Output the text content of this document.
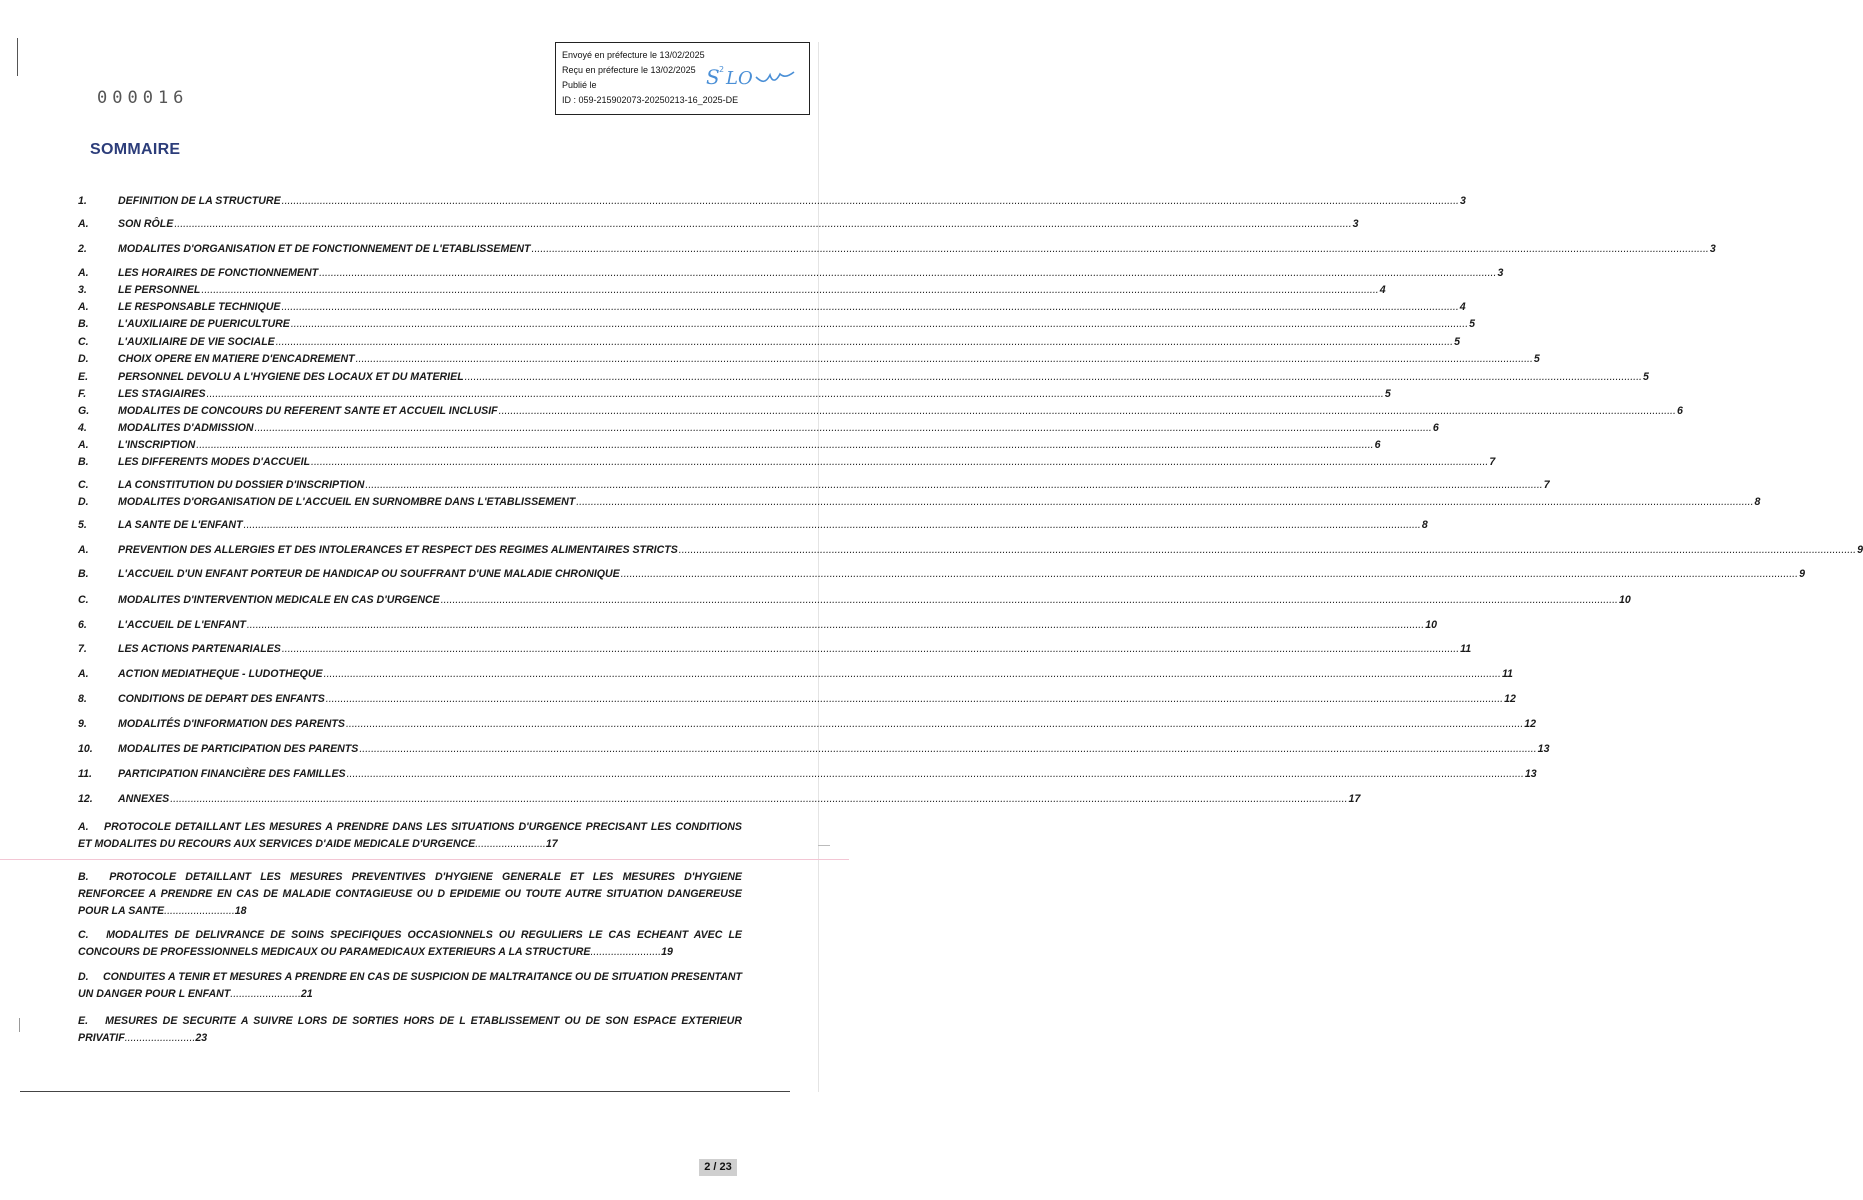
Envoyé en préfecture le 13/02/2025
Reçu en préfecture le 13/02/2025
Publié le
ID : 059-215902073-20250213-16_2025-DE
S 2 LO
000016
SOMMAIRE
1.	DEFINITION DE LA STRUCTURE ................................................................................................................................................................................................................................................................................................................................................................................................................ 3
A.	SON RÔLE ................................................................................................................................................................................................................................................................................................................................................................................................................ 3
2.	MODALITES D'ORGANISATION ET DE FONCTIONNEMENT DE L'ETABLISSEMENT ................................................................................................................................................................................................................................................................................................................................................................................................................ 3
A.	LES HORAIRES DE FONCTIONNEMENT ................................................................................................................................................................................................................................................................................................................................................................................................................ 3
3.	LE PERSONNEL ................................................................................................................................................................................................................................................................................................................................................................................................................ 4
A.	LE RESPONSABLE TECHNIQUE ................................................................................................................................................................................................................................................................................................................................................................................................................ 4
B.	L'AUXILIAIRE DE PUERICULTURE ................................................................................................................................................................................................................................................................................................................................................................................................................ 5
C.	L'AUXILIAIRE DE VIE SOCIALE ................................................................................................................................................................................................................................................................................................................................................................................................................ 5
D.	CHOIX OPERE EN MATIERE D'ENCADREMENT ................................................................................................................................................................................................................................................................................................................................................................................................................ 5
E.	PERSONNEL DEVOLU A L'HYGIENE DES LOCAUX ET DU MATERIEL ................................................................................................................................................................................................................................................................................................................................................................................................................ 5
F.	LES STAGIAIRES ................................................................................................................................................................................................................................................................................................................................................................................................................ 5
G.	MODALITES DE CONCOURS DU REFERENT SANTE ET ACCUEIL INCLUSIF ................................................................................................................................................................................................................................................................................................................................................................................................................ 6
4.	MODALITES D'ADMISSION ................................................................................................................................................................................................................................................................................................................................................................................................................ 6
A.	L'INSCRIPTION ................................................................................................................................................................................................................................................................................................................................................................................................................ 6
B.	LES DIFFERENTS MODES D'ACCUEIL ................................................................................................................................................................................................................................................................................................................................................................................................................ 7
C.	LA CONSTITUTION DU DOSSIER D'INSCRIPTION ................................................................................................................................................................................................................................................................................................................................................................................................................ 7
D.	MODALITES D'ORGANISATION DE L'ACCUEIL EN SURNOMBRE DANS L'ETABLISSEMENT ................................................................................................................................................................................................................................................................................................................................................................................................................ 8
5.	LA SANTE DE L'ENFANT ................................................................................................................................................................................................................................................................................................................................................................................................................ 8
A.	PREVENTION DES ALLERGIES ET DES INTOLERANCES ET RESPECT DES REGIMES ALIMENTAIRES STRICTS ................................................................................................................................................................................................................................................................................................................................................................................................................ 9
B.	L'ACCUEIL D'UN ENFANT PORTEUR DE HANDICAP OU SOUFFRANT D'UNE MALADIE CHRONIQUE ................................................................................................................................................................................................................................................................................................................................................................................................................ 9
C.	MODALITES D'INTERVENTION MEDICALE EN CAS D'URGENCE ................................................................................................................................................................................................................................................................................................................................................................................................................ 10
6.	L'ACCUEIL DE L'ENFANT ................................................................................................................................................................................................................................................................................................................................................................................................................ 10
7.	LES ACTIONS PARTENARIALES ................................................................................................................................................................................................................................................................................................................................................................................................................ 11
A.	ACTION MEDIATHEQUE - LUDOTHEQUE ................................................................................................................................................................................................................................................................................................................................................................................................................ 11
8.	CONDITIONS DE DEPART DES ENFANTS ................................................................................................................................................................................................................................................................................................................................................................................................................ 12
9.	MODALITÉS D'INFORMATION DES PARENTS ................................................................................................................................................................................................................................................................................................................................................................................................................ 12
10.	MODALITES DE PARTICIPATION DES PARENTS ................................................................................................................................................................................................................................................................................................................................................................................................................ 13
11.	PARTICIPATION FINANCIÈRE DES FAMILLES ................................................................................................................................................................................................................................................................................................................................................................................................................ 13
12.	ANNEXES ................................................................................................................................................................................................................................................................................................................................................................................................................ 17
A. PROTOCOLE DETAILLANT LES MESURES A PRENDRE DANS LES SITUATIONS D'URGENCE PRECISANT LES CONDITIONS ET MODALITES DU RECOURS AUX SERVICES D'AIDE MEDICALE D'URGENCE........................17
B. PROTOCOLE DETAILLANT LES MESURES PREVENTIVES D'HYGIENE GENERALE ET LES MESURES D'HYGIENE RENFORCEE A PRENDRE EN CAS DE MALADIE CONTAGIEUSE OU D EPIDEMIE OU TOUTE AUTRE SITUATION DANGEREUSE POUR LA SANTE........................18
C. MODALITES DE DELIVRANCE DE SOINS SPECIFIQUES OCCASIONNELS OU REGULIERS LE CAS ECHEANT AVEC LE CONCOURS DE PROFESSIONNELS MEDICAUX OU PARAMEDICAUX EXTERIEURS A LA STRUCTURE........................19
D. CONDUITES A TENIR ET MESURES A PRENDRE EN CAS DE SUSPICION DE MALTRAITANCE OU DE SITUATION PRESENTANT UN DANGER POUR L ENFANT........................21
E. MESURES DE SECURITE A SUIVRE LORS DE SORTIES HORS DE L ETABLISSEMENT OU DE SON ESPACE EXTERIEUR PRIVATIF........................23
2 / 23
